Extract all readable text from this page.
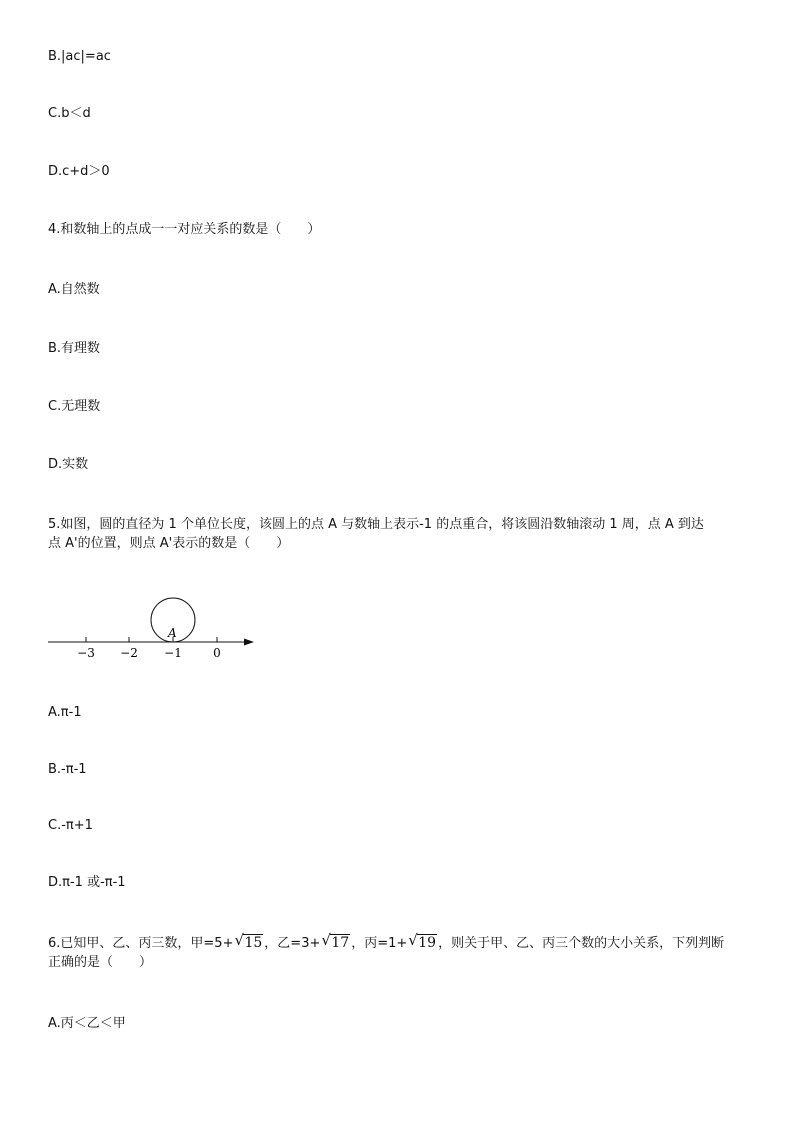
B.|ac|=ac
C.b＜d
D.c+d＞0
4.和数轴上的点成一一对应关系的数是（　　）
A.自然数
B.有理数
C.无理数
D.实数
5.如图，圆的直径为 1 个单位长度，该圆上的点 A 与数轴上表示-1 的点重合，将该圆沿数轴滚动 1 周，点 A 到达
点 A'的位置，则点 A'表示的数是（　　）
A
−3 −2 −1	0
A.π-1
B.-π-1
C.-π+1
D.π-1 或-π-1
6.已知甲、乙、丙三数，甲=5+ √ 15 ，乙=3+ √ 17 ，丙=1+ √ 19 ，则关于甲、乙、丙三个数的大小关系，下列判断
正确的是（　　）
A.丙＜乙＜甲
